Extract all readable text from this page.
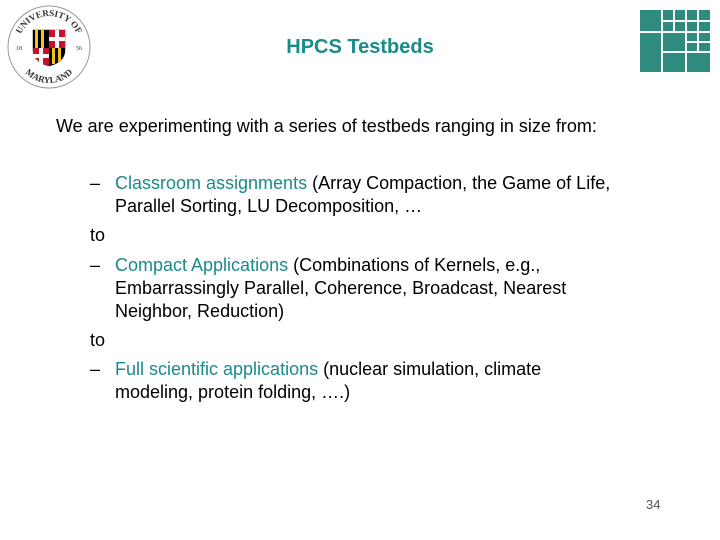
UNIVERSITY OF
MARYLAND
18	56	HPCS Testbeds
We are experimenting with a series of testbeds ranging in size from:
– Classroom assignments (Array Compaction, the Game of Life,
Parallel Sorting, LU Decomposition, …
to
– Compact Applications (Combinations of Kernels, e.g.,
Embarrassingly Parallel, Coherence, Broadcast, Nearest
Neighbor, Reduction)
to
– Full scientific applications (nuclear simulation, climate
modeling, protein folding, ….)
34
